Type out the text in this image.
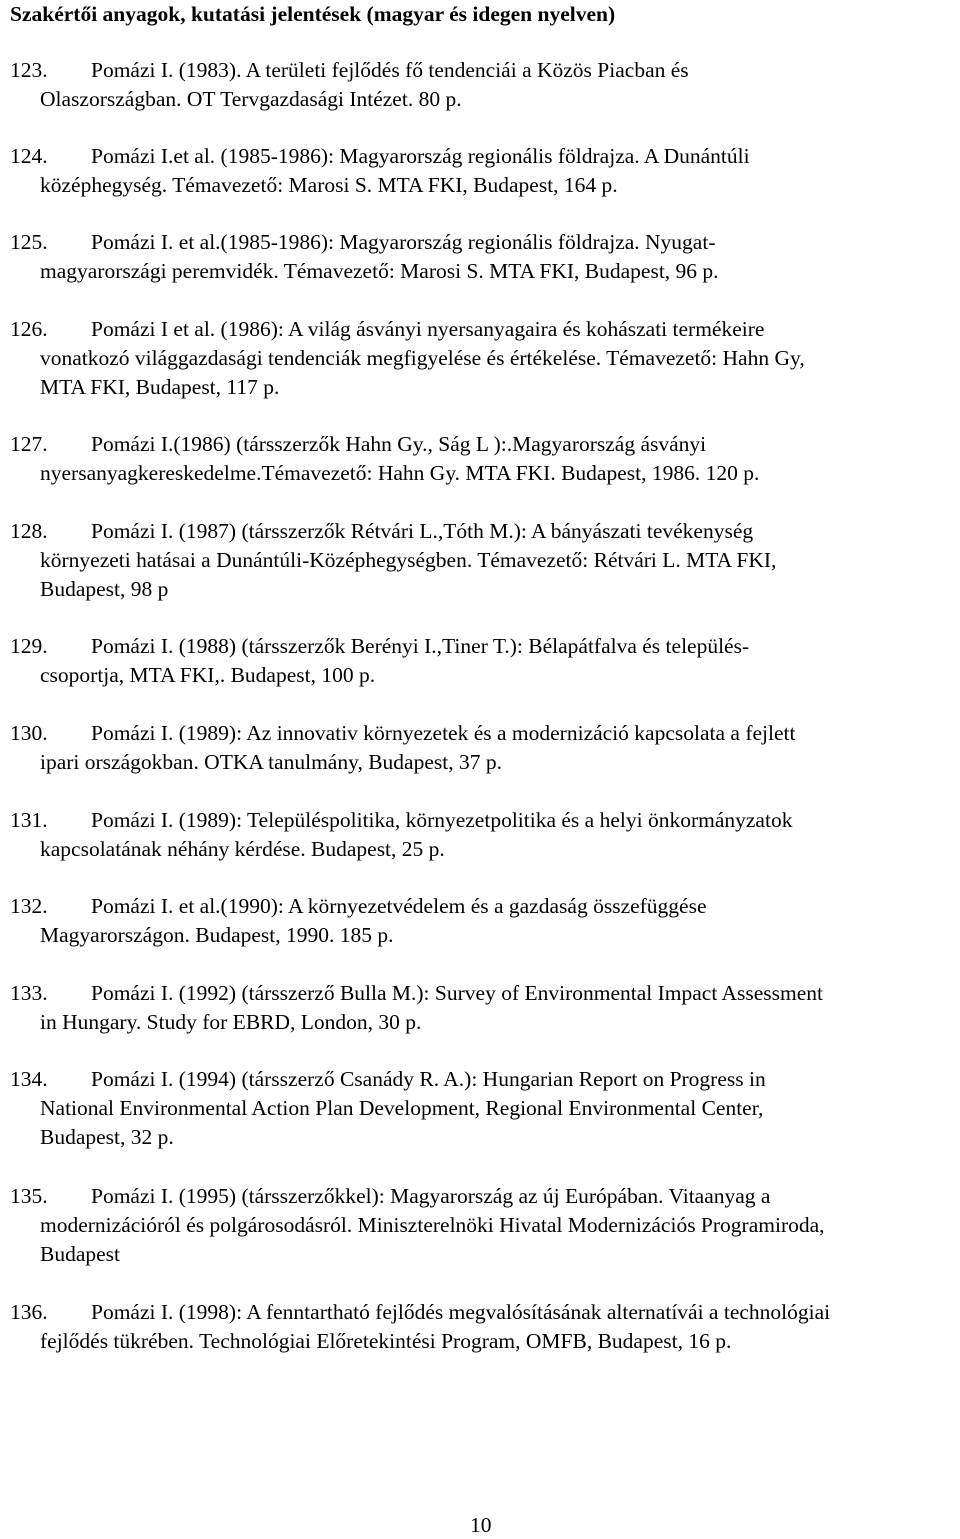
Szakértői anyagok, kutatási jelentések (magyar és idegen nyelven)
123. Pomázi I. (1983). A területi fejlődés fő tendenciái a Közös Piacban és
Olaszországban. OT Tervgazdasági Intézet. 80 p.
124. Pomázi I.et al. (1985-1986): Magyarország regionális földrajza. A Dunántúli
középhegység. Témavezető: Marosi S. MTA FKI, Budapest, 164 p.
125. Pomázi I. et al.(1985-1986): Magyarország regionális földrajza. Nyugat-
magyarországi peremvidék. Témavezető: Marosi S. MTA FKI, Budapest, 96 p.
126. Pomázi I et al. (1986): A világ ásványi nyersanyagaira és kohászati termékeire
vonatkozó világgazdasági tendenciák megfigyelése és értékelése. Témavezető: Hahn Gy,
MTA FKI, Budapest, 117 p.
127. Pomázi I.(1986) (társszerzők Hahn Gy., Ság L ):.Magyarország ásványi
nyersanyagkereskedelme.Témavezető: Hahn Gy. MTA FKI. Budapest, 1986. 120 p.
128. Pomázi I. (1987) (társszerzők Rétvári L.,Tóth M.): A bányászati tevékenység
környezeti hatásai a Dunántúli-Középhegységben. Témavezető: Rétvári L. MTA FKI,
Budapest, 98 p
129. Pomázi I. (1988) (társszerzők Berényi I.,Tiner T.): Bélapátfalva és település-
csoportja, MTA FKI,. Budapest, 100 p.
130. Pomázi I. (1989): Az innovativ környezetek és a modernizáció kapcsolata a fejlett
ipari országokban. OTKA tanulmány, Budapest, 37 p.
131. Pomázi I. (1989): Településpolitika, környezetpolitika és a helyi önkormányzatok
kapcsolatának néhány kérdése. Budapest, 25 p.
132. Pomázi I. et al.(1990): A környezetvédelem és a gazdaság összefüggése
Magyarországon. Budapest, 1990. 185 p.
133. Pomázi I. (1992) (társszerző Bulla M.): Survey of Environmental Impact Assessment
in Hungary. Study for EBRD, London, 30 p.
134. Pomázi I. (1994) (társszerző Csanády R. A.): Hungarian Report on Progress in
National Environmental Action Plan Development, Regional Environmental Center,
Budapest, 32 p.
135. Pomázi I. (1995) (társszerzőkkel): Magyarország az új Európában. Vitaanyag a
modernizációról és polgárosodásról. Miniszterelnöki Hivatal Modernizációs Programiroda,
Budapest
136. Pomázi I. (1998): A fenntartható fejlődés megvalósításának alternatívái a technológiai
fejlődés tükrében. Technológiai Előretekintési Program, OMFB, Budapest, 16 p.
10
